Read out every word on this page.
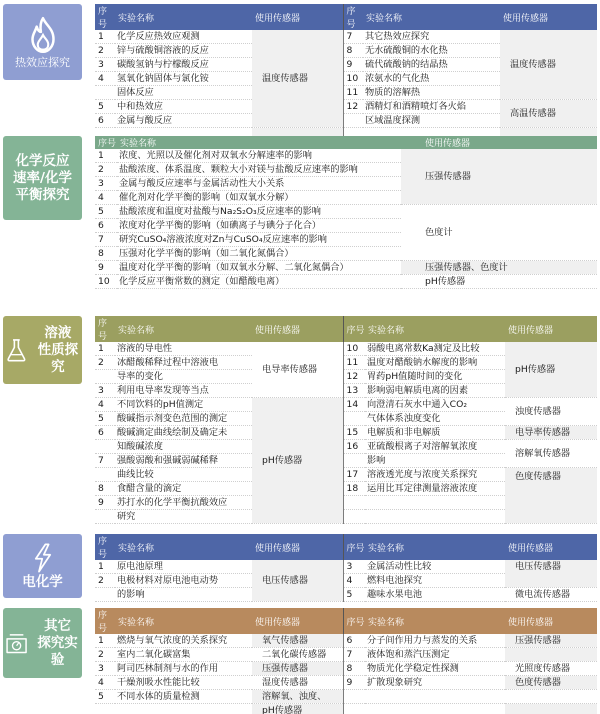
热效应探究
序号	实验名称	使用传感器	序号	实验名称	使用传感器
1	化学反应热效应观测	温度传感器	7	其它热效应探究	温度传感器
2	锌与硫酸铜溶液的反应		8	无水硫酸铜的水化热	
3	碳酸氢钠与柠檬酸反应		9	硫代硫酸钠的结晶热	
4	氢氧化钠固体与氯化铵		10	浓氨水的气化热	
	固体反应		11	物质的溶解热	
5	中和热效应		12	酒精灯和酒精喷灯各火焰	高温传感器
6	金属与酸反应			区域温度探测	

化学反应
速率/化学
平衡探究
序号	实验名称	使用传感器
1	浓度、光照以及催化剂对双氧水分解速率的影响	压强传感器
2	盐酸浓度、体系温度、颗粒大小对镁与盐酸反应速率的影响	
3	金属与酸反应速率与金属活动性大小关系	
4	催化剂对化学平衡的影响（如双氧水分解）	
5	盐酸浓度和温度对盐酸与Na₂S₂O₃反应速率的影响	色度计
6	浓度对化学平衡的影响（如碘离子与碘分子化合）	
7	研究CuSO₄溶液浓度对Zn与CuSO₄反应速率的影响	
8	压强对化学平衡的影响（如二氧化氮偶合）	
9	温度对化学平衡的影响（如双氧水分解、二氧化氮偶合）	压强传感器、色度计
10	化学反应平衡常数的测定（如醋酸电离）	pH传感器
溶液
性质探究
序号	实验名称	使用传感器	序号	实验名称	使用传感器
1	溶液的导电性	电导率传感器	10	弱酸电离常数Ka测定及比较	pH传感器
2	冰醋酸稀释过程中溶液电		11	温度对醋酸钠水解度的影响	
	导率的变化		12	胃药pH值随时间的变化	
3	利用电导率发现等当点		13	影响弱电解质电离的因素	
4	不同饮料的pH值测定	pH传感器	14	向澄清石灰水中通入CO₂	浊度传感器
5	酸碱指示剂变色范围的测定			气体体系浊度变化	
6	酸碱滴定曲线绘制及确定未		15	电解质和非电解质	电导率传感器
	知酸碱浓度		16	亚硫酸根离子对溶解氧浓度	溶解氧传感器
7	强酸弱酸和强碱弱碱稀释			影响	
	曲线比较		17	溶液透光度与浓度关系探究	色度传感器
8	食醋含量的滴定		18	运用比耳定律测量溶液浓度	
9	苏打水的化学平衡抗酸效应				
	研究				
电化学
序号	实验名称	使用传感器	序号	实验名称	使用传感器
1	原电池原理	电压传感器	3	金属活动性比较	电压传感器
2	电极材料对原电池电动势		4	燃料电池探究	
	的影响		5	趣味水果电池	微电流传感器
其它
探究实验
序号	实验名称	使用传感器	序号	实验名称	使用传感器
1	燃烧与氧气浓度的关系探究	氧气传感器	6	分子间作用力与蒸发的关系	压强传感器
2	室内二氧化碳富集	二氧化碳传感器	7	液体饱和蒸汽压测定	
3	阿司匹林制剂与水的作用	压强传感器	8	物质光化学稳定性探测	光照度传感器
4	干燥剂吸水性能比较	湿度传感器	9	扩散现象研究	色度传感器
5	不同水体的质量检测	溶解氧、浊度、			
		pH传感器			
